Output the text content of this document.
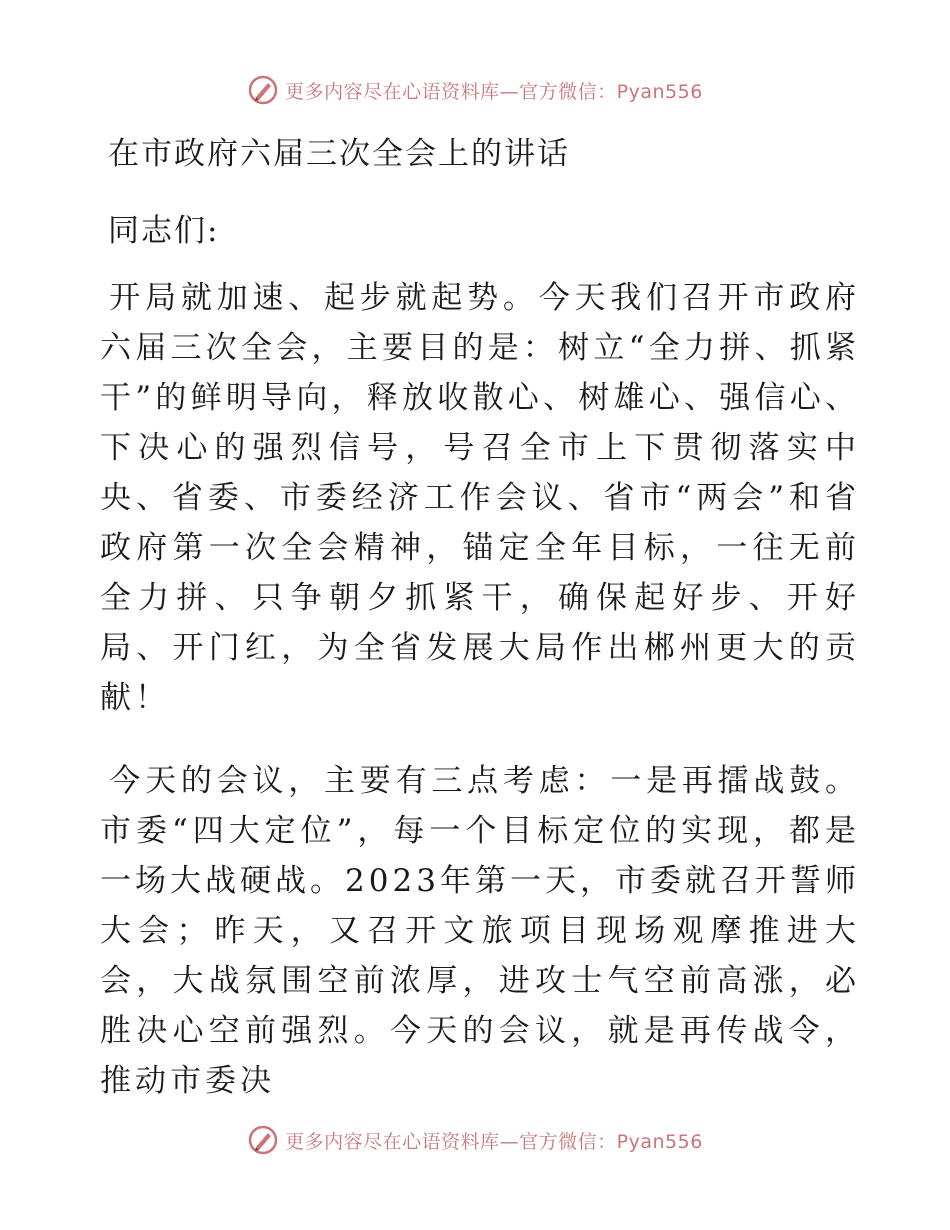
更多内容尽在心语资料库—官方微信：Pyan556
在市政府六届三次全会上的讲话
同志们:
开局就加速、起步就起势。今天我们召开市政府六届三次全会，主要目的是：树立“全力拼、抓紧干”的鲜明导向，释放收散心、树雄心、强信心、下决心的强烈信号，号召全市上下贯彻落实中央、省委、市委经济工作会议、省市“两会”和省政府第一次全会精神，锚定全年目标，一往无前全力拼、只争朝夕抓紧干，确保起好步、开好局、开门红，为全省发展大局作出郴州更大的贡献！
今天的会议，主要有三点考虑：一是再擂战鼓。市委“四大定位”，每一个目标定位的实现，都是一场大战硬战。2023年第一天，市委就召开誓师大会；昨天，又召开文旅项目现场观摩推进大会，大战氛围空前浓厚，进攻士气空前高涨，必胜决心空前强烈。今天的会议，就是再传战令，推动市委决
更多内容尽在心语资料库—官方微信：Pyan556
